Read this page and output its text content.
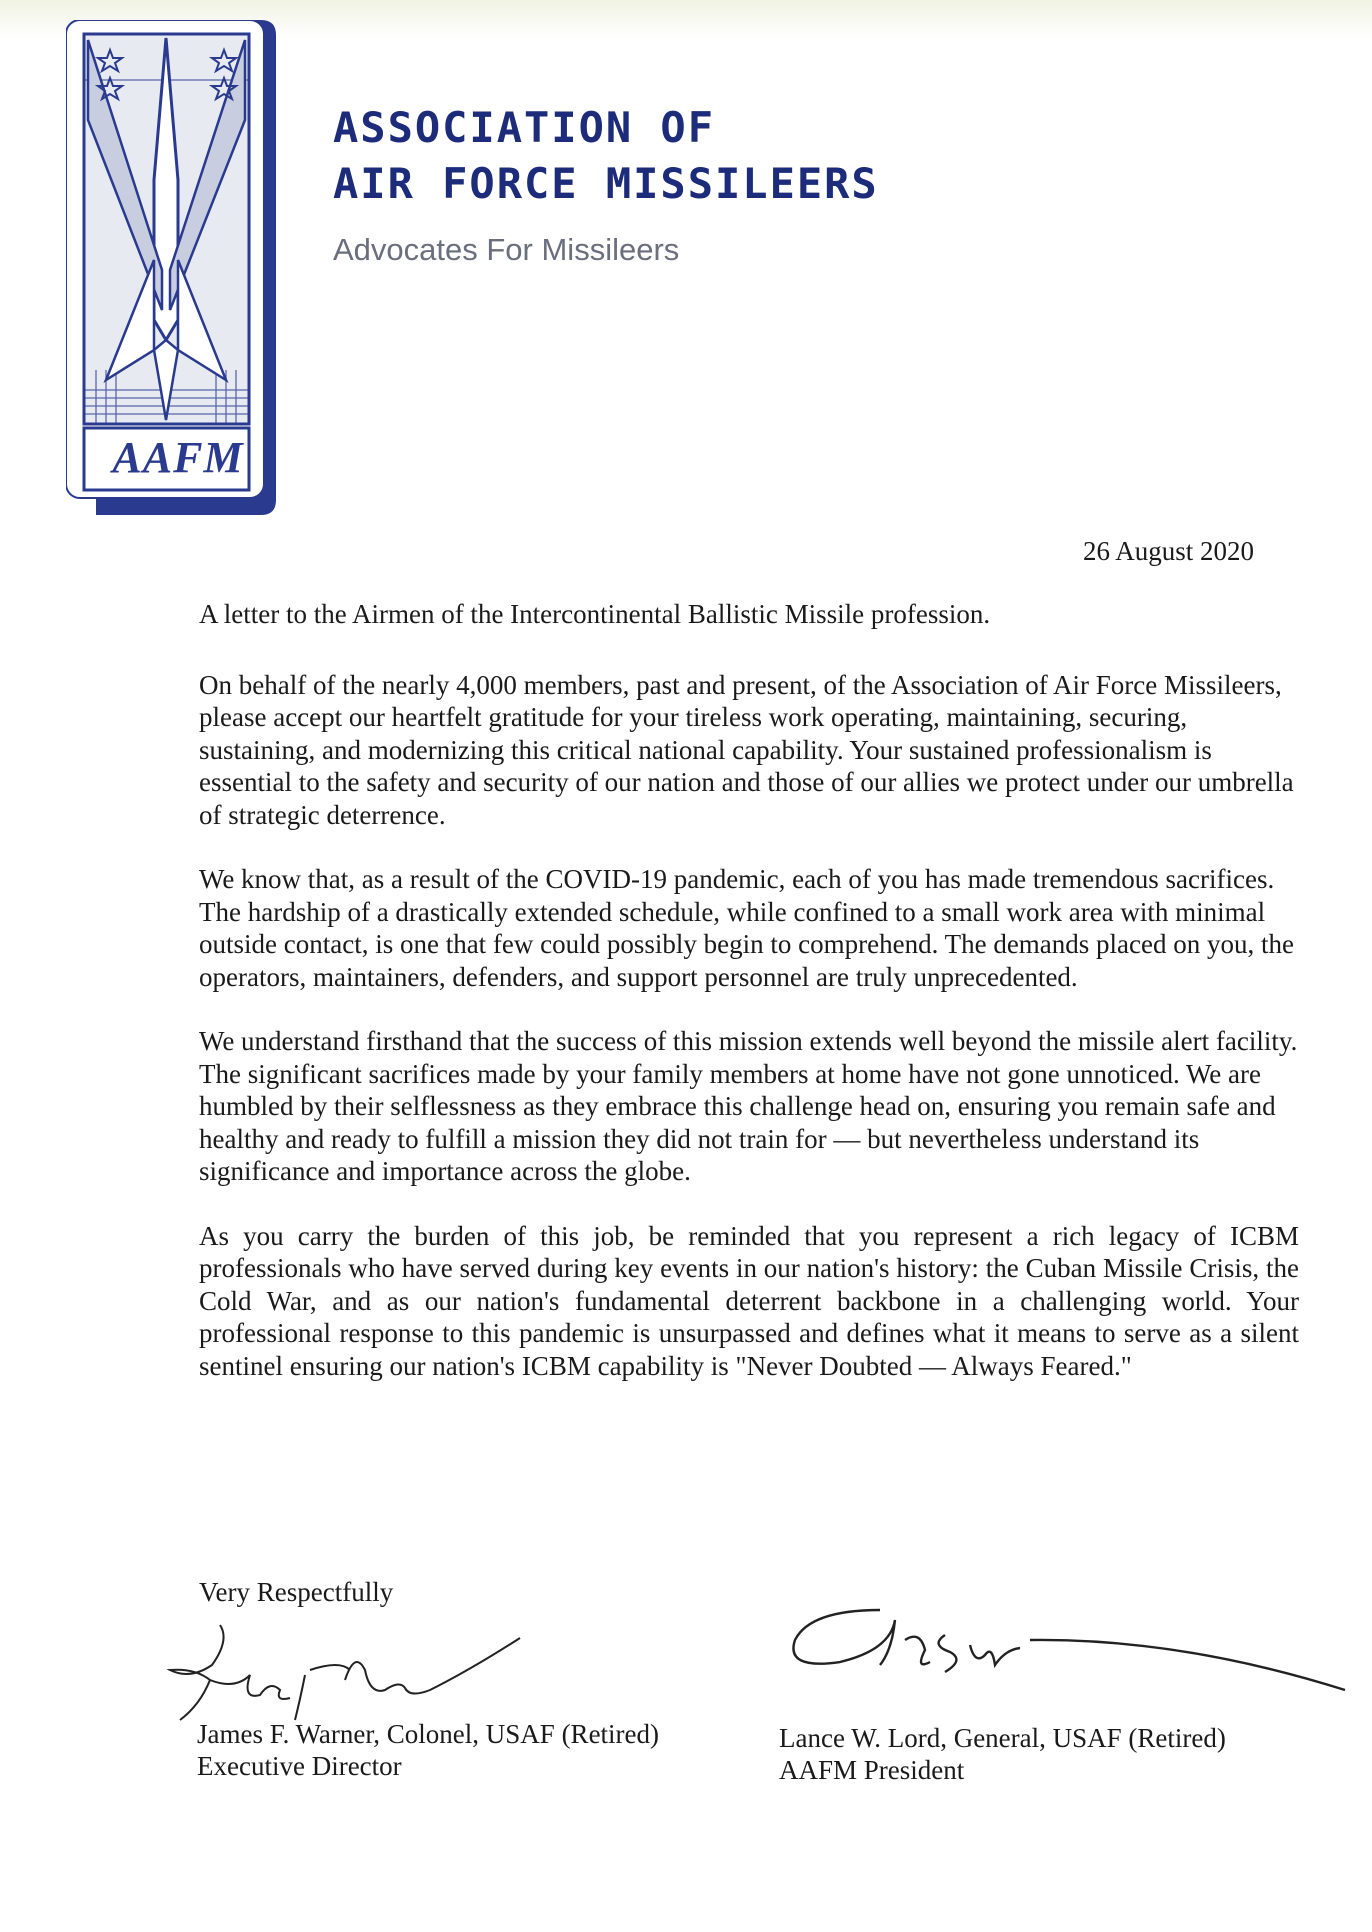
AAFM
ASSOCIATION OF
AIR FORCE MISSILEERS
Advocates For Missileers
26 August 2020

A letter to the Airmen of the Intercontinental Ballistic Missile profession.

On behalf of the nearly 4,000 members, past and present, of the Association of Air Force Missileers, please accept our heartfelt gratitude for your tireless work operating, maintaining, securing, sustaining, and modernizing this critical national capability. Your sustained professionalism is essential to the safety and security of our nation and those of our allies we protect under our umbrella of strategic deterrence.

We know that, as a result of the COVID-19 pandemic, each of you has made tremendous sacrifices. The hardship of a drastically extended schedule, while confined to a small work area with minimal outside contact, is one that few could possibly begin to comprehend. The demands placed on you, the operators, maintainers, defenders, and support personnel are truly unprecedented.

We understand firsthand that the success of this mission extends well beyond the missile alert facility. The significant sacrifices made by your family members at home have not gone unnoticed. We are humbled by their selflessness as they embrace this challenge head on, ensuring you remain safe and healthy and ready to fulfill a mission they did not train for — but nevertheless understand its significance and importance across the globe.

As you carry the burden of this job, be reminded that you represent a rich legacy of ICBM professionals who have served during key events in our nation's history: the Cuban Missile Crisis, the Cold War, and as our nation's fundamental deterrent backbone in a challenging world. Your professional response to this pandemic is unsurpassed and defines what it means to serve as a silent sentinel ensuring our nation's ICBM capability is "Never Doubted — Always Feared."

Very Respectfully
James F. Warner, Colonel, USAF (Retired)
Executive Director
Lance W. Lord, General, USAF (Retired)
AAFM President
